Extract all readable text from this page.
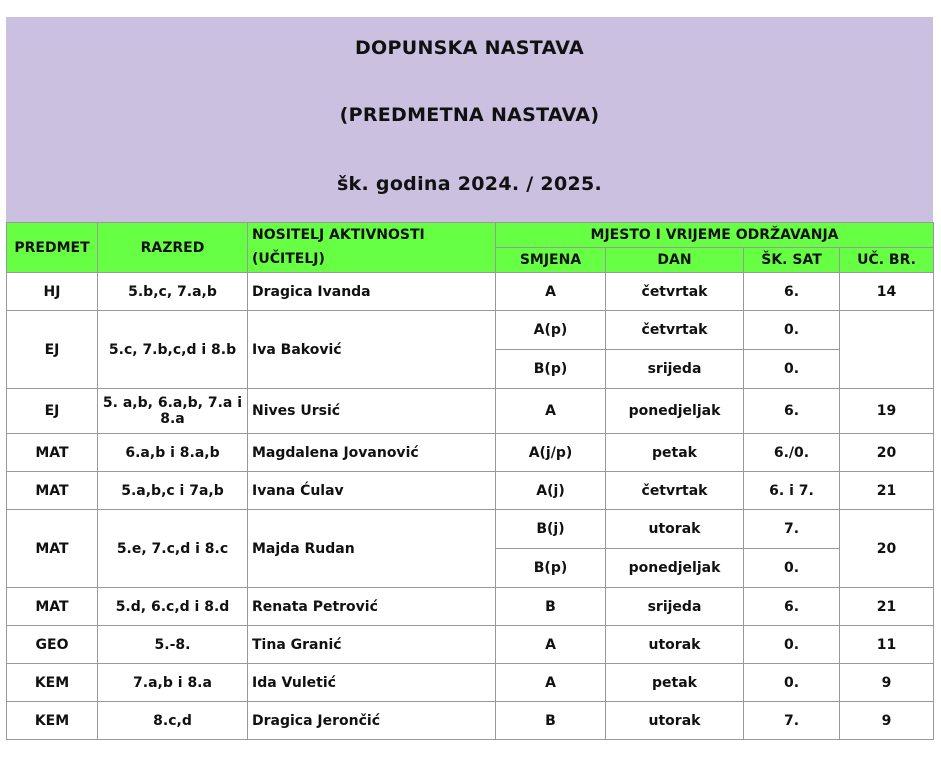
DOPUNSKA NASTAVA
(PREDMETNA NASTAVA)
šk. godina 2024. / 2025.
PREDMET	RAZRED	NOSITELJ AKTIVNOSTI (UČITELJ)	MJESTO I VRIJEME ODRŽAVANJA			
			SMJENA	DAN	ŠK. SAT	UČ. BR.
HJ	5.b,c, 7.a,b	Dragica Ivanda	A	četvrtak	6.	14
EJ	5.c, 7.b,c,d i 8.b	Iva Baković	A(p)	četvrtak	0.	
			B(p)	srijeda	0.	
EJ	5. a,b, 6.a,b, 7.a i 8.a	Nives Ursić	A	ponedjeljak	6.	19
MAT	6.a,b i 8.a,b	Magdalena Jovanović	A(j/p)	petak	6./0.	20
MAT	5.a,b,c i 7a,b	Ivana Ćulav	A(j)	četvrtak	6. i 7.	21
MAT	5.e, 7.c,d i 8.c	Majda Rudan	B(j)	utorak	7.	20
			B(p)	ponedjeljak	0.	
MAT	5.d, 6.c,d i 8.d	Renata Petrović	B	srijeda	6.	21
GEO	5.-8.	Tina Granić	A	utorak	0.	11
KEM	7.a,b i 8.a	Ida Vuletić	A	petak	0.	9
KEM	8.c,d	Dragica Jerončić	B	utorak	7.	9
